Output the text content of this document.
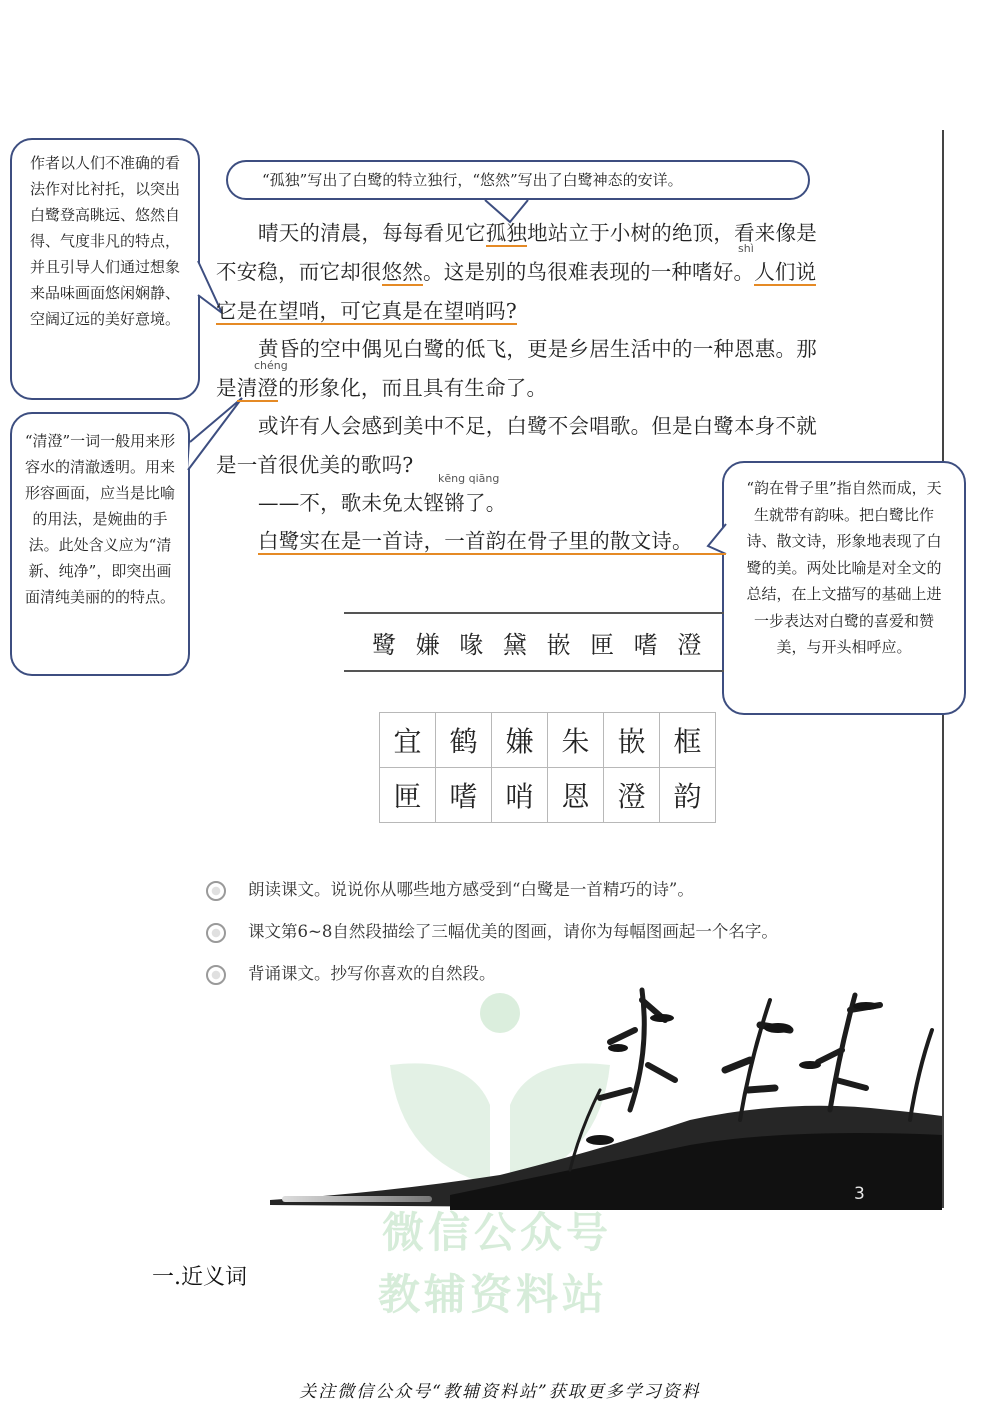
3
“孤独”写出了白鹭的特立独行，“悠然”写出了白鹭神态的安详。
作者以人们不准确的看法作对比衬托，以突出白鹭登高眺远、悠然自得、气度非凡的特点，并且引导人们通过想象来品味画面悠闲娴静、空阔辽远的美好意境。
“清澄”一词一般用来形容水的清澈透明。用来形容画面，应当是比喻的用法，是婉曲的手法。此处含义应为“清新、纯净”，即突出画面清纯美丽的的特点。
“韵在骨子里”指自然而成，天生就带有韵味。把白鹭比作诗、散文诗，形象地表现了白鹭的美。两处比喻是对全文的总结，在上文描写的基础上进一步表达对白鹭的喜爱和赞美，与开头相呼应。
晴天的清晨，每每看见它孤独地站立于小树的绝顶，看来像是
shì
不安稳，而它却很悠然。这是别的鸟很难表现的一种嗜好。人们说
它是在望哨，可它真是在望哨吗?
黄昏的空中偶见白鹭的低飞，更是乡居生活中的一种恩惠。那
chéng
是清澄的形象化，而且具有生命了。
或许有人会感到美中不足，白鹭不会唱歌。但是白鹭本身不就
是一首很优美的歌吗?
kēng qiāng
——不，歌未免太铿锵了。
白鹭实在是一首诗，一首韵在骨子里的散文诗。
鹭 嫌 喙 黛 嵌 匣 嗜 澄
宜	鹤	嫌	朱	嵌	框
匣	嗜	哨	恩	澄	韵
朗读课文。说说你从哪些地方感受到“白鹭是一首精巧的诗”。
课文第6~8自然段描绘了三幅优美的图画，请你为每幅图画起一个名字。
背诵课文。抄写你喜欢的自然段。
微信公众号
教辅资料站
一.近义词
关注微信公众号“教辅资料站”获取更多学习资料
